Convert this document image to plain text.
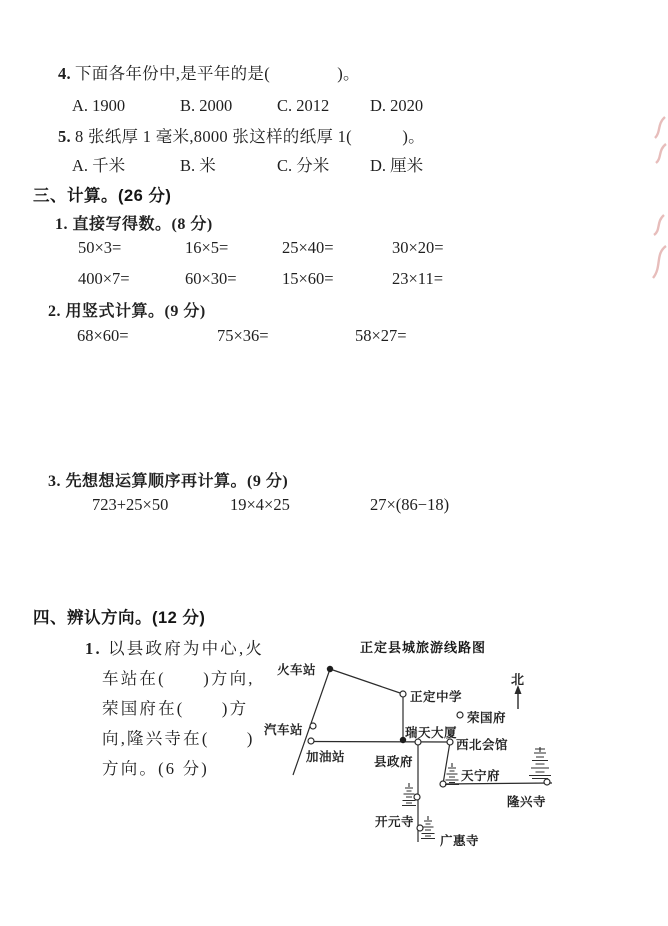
4. 下面各年份中,是平年的是(　　　　)。
A. 1900	B. 2000	C. 2012 D. 2020
5. 8 张纸厚 1 毫米,8000 张这样的纸厚 1(　　　)。
A. 千米	B. 米	C. 分米 D. 厘米
三、计算。(26 分)
1. 直接写得数。(8 分)
50×3=	16×5=	25×40=	30×20=
400×7=	60×30=	15×60=	23×11=
2. 用竖式计算。(9 分)
68×60=	75×36=	58×27=
3. 先想想运算顺序再计算。(9 分)
723+25×50	19×4×25	27×(86−18)
四、辨认方向。(12 分)
1. 以县政府为中心,火
车站在(　　)方向,
荣国府在(　　)方
向,隆兴寺在(　　)
方向。(6 分)
正定县城旅游线路图
北
火车站
正定中学
荣国府
汽车站	瑞天大厦
西北会馆
加油站 县政府
天宁府
隆兴寺
开元寺
广惠寺
